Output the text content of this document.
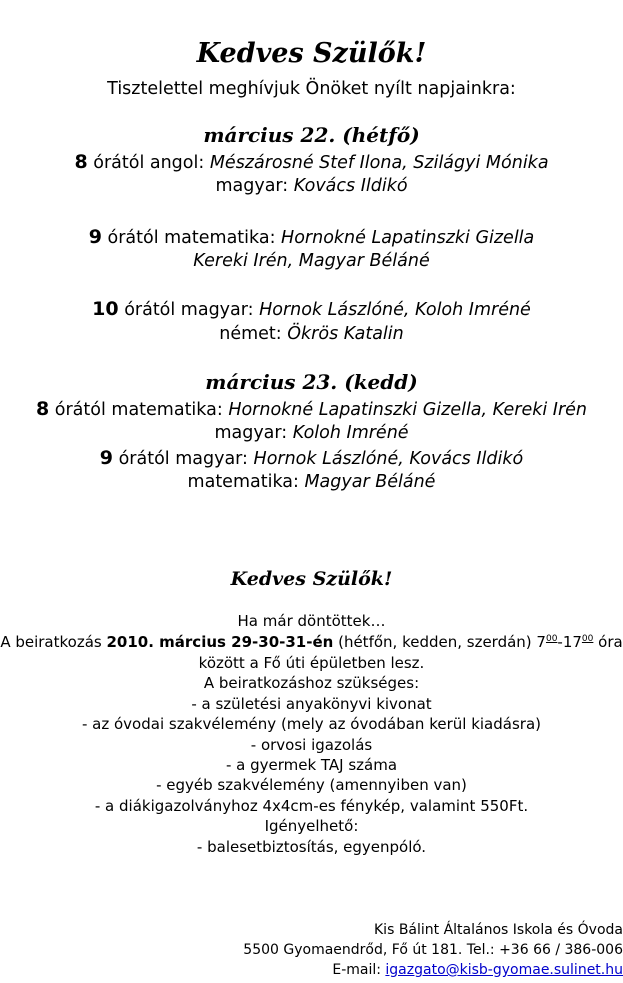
Kedves Szülők!
Tisztelettel meghívjuk Önöket nyílt napjainkra:
március 22. (hétfő)
8 órától angol: Mészárosné Stef Ilona, Szilágyi Mónika
magyar: Kovács Ildikó
9 órától matematika: Hornokné Lapatinszki Gizella
Kereki Irén, Magyar Béláné
10 órától magyar: Hornok Lászlóné, Koloh Imréné
német: Ökrös Katalin
március 23. (kedd)
8 órától matematika: Hornokné Lapatinszki Gizella, Kereki Irén
magyar: Koloh Imréné
9 órától magyar: Hornok Lászlóné, Kovács Ildikó
matematika: Magyar Béláné
Kedves Szülők!
Ha már döntöttek…
A beiratkozás 2010. március 29-30-31-én (hétfőn, kedden, szerdán) $7^{00}-17^{00}$ óra
között a Fő úti épületben lesz.
A beiratkozáshoz szükséges:
- a születési anyakönyvi kivonat
- az óvodai szakvélemény (mely az óvodában kerül kiadásra)
- orvosi igazolás
- a gyermek TAJ száma
- egyéb szakvélemény (amennyiben van)
- a diákigazolványhoz 4x4cm-es fénykép, valamint 550Ft.
Igényelhető:
- balesetbiztosítás, egyenpóló.
Kis Bálint Általános Iskola és Óvoda
5500 Gyomaendrőd, Fő út 181. Tel.: +36 66 / 386-006
E-mail: igazgato@kisb-gyomae.sulinet.hu
